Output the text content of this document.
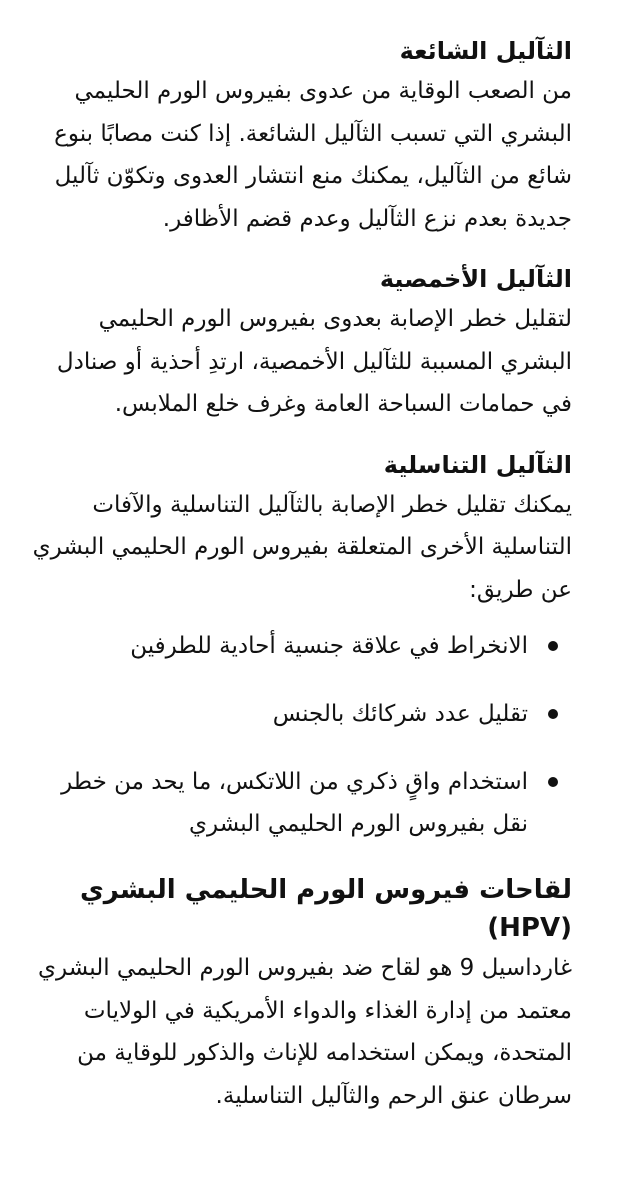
الثآليل الشائعة

من الصعب الوقاية من عدوى بفيروس الورم الحليمي البشري التي تسبب الثآليل الشائعة. إذا كنت مصابًا بنوع شائع من الثآليل، يمكنك منع انتشار العدوى وتكوّن ثآليل جديدة بعدم نزع الثآليل وعدم قضم الأظافر.

الثآليل الأخمصية

لتقليل خطر الإصابة بعدوى بفيروس الورم الحليمي البشري المسببة للثآليل الأخمصية، ارتدِ أحذية أو صنادل في حمامات السباحة العامة وغرف خلع الملابس.

الثآليل التناسلية

يمكنك تقليل خطر الإصابة بالثآليل التناسلية والآفات التناسلية الأخرى المتعلقة بفيروس الورم الحليمي البشري عن طريق:

الانخراط في علاقة جنسية أحادية للطرفين
تقليل عدد شركائك بالجنس
استخدام واقٍ ذكري من اللاتكس، ما يحد من خطر نقل بفيروس الورم الحليمي البشري
لقاحات فيروس الورم الحليمي البشري (HPV)

غارداسيل 9 هو لقاح ضد بفيروس الورم الحليمي البشري معتمد من إدارة الغذاء والدواء الأمريكية في الولايات المتحدة، ويمكن استخدامه للإناث والذكور للوقاية من سرطان عنق الرحم والثآليل التناسلية.
